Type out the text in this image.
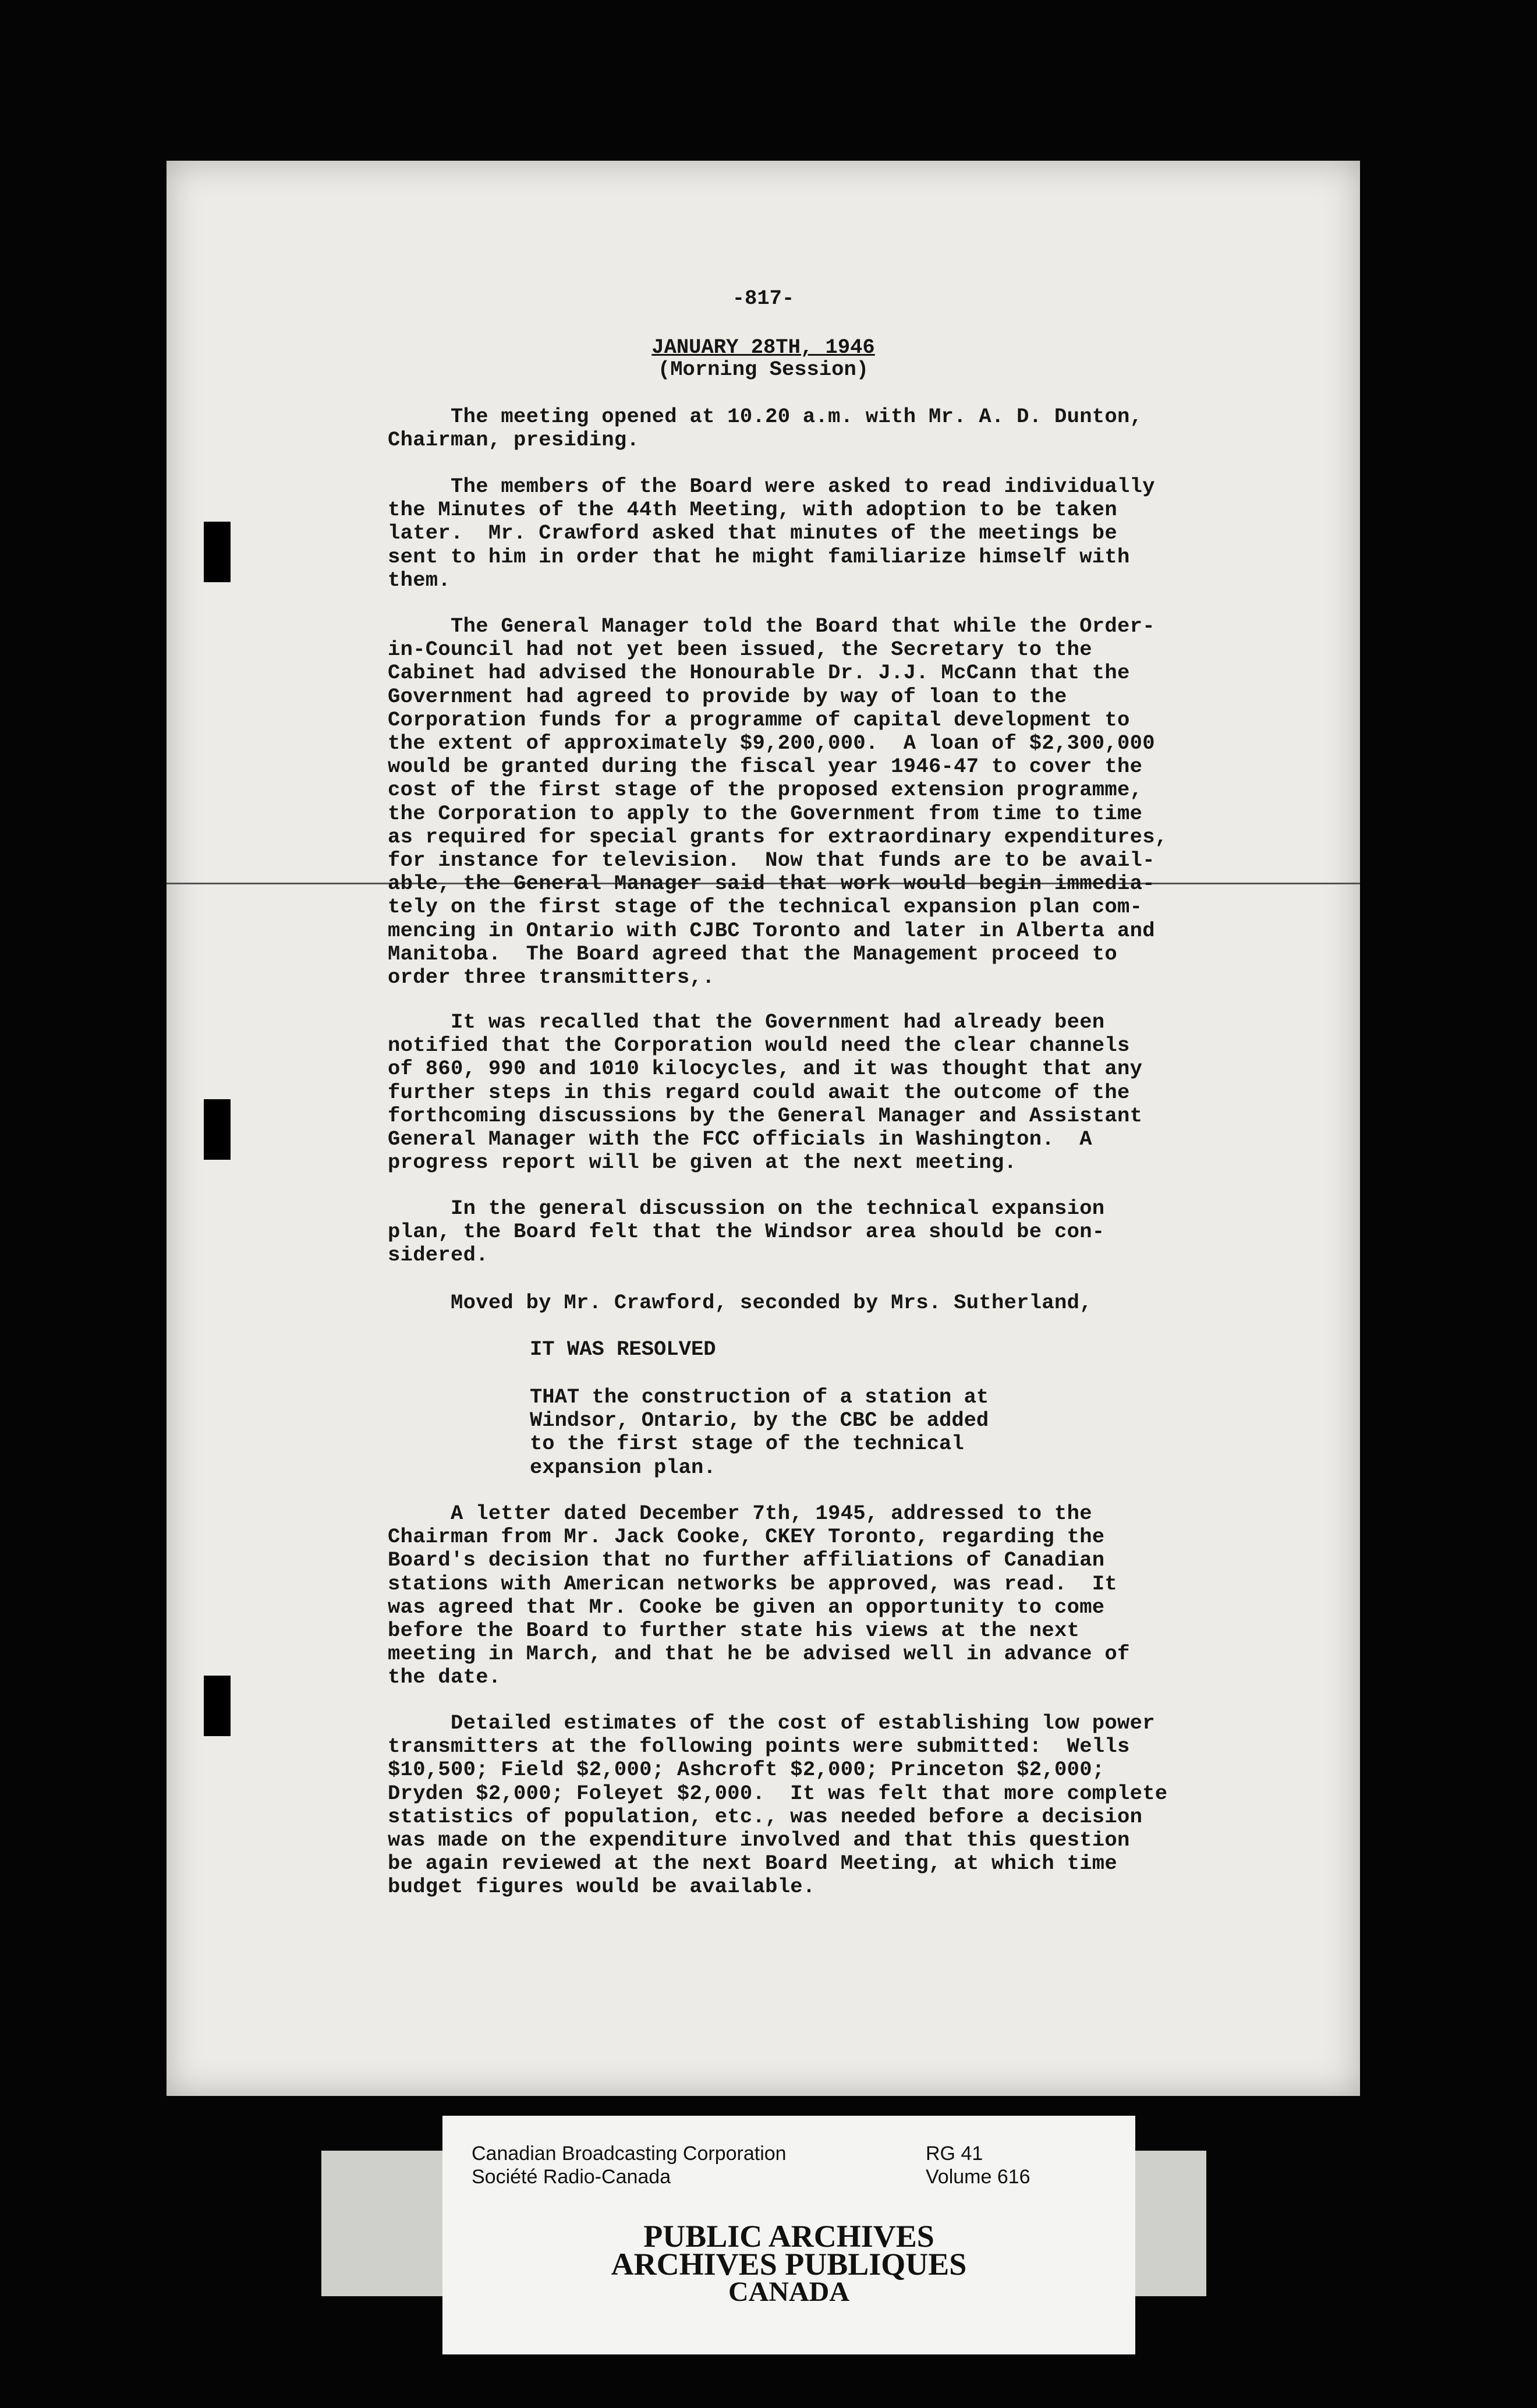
-817-
JANUARY 28TH, 1946
(Morning Session)
The meeting opened at 10.20 a.m. with Mr. A. D. Dunton,
Chairman, presiding.
The members of the Board were asked to read individually
the Minutes of the 44th Meeting, with adoption to be taken
later.  Mr. Crawford asked that minutes of the meetings be
sent to him in order that he might familiarize himself with
them.
The General Manager told the Board that while the Order-
in-Council had not yet been issued, the Secretary to the
Cabinet had advised the Honourable Dr. J.J. McCann that the
Government had agreed to provide by way of loan to the
Corporation funds for a programme of capital development to
the extent of approximately $9,200,000.  A loan of $2,300,000
would be granted during the fiscal year 1946-47 to cover the
cost of the first stage of the proposed extension programme,
the Corporation to apply to the Government from time to time
as required for special grants for extraordinary expenditures,
for instance for television.  Now that funds are to be avail-
able, the General Manager said that work would begin immedia-
tely on the first stage of the technical expansion plan com-
mencing in Ontario with CJBC Toronto and later in Alberta and
Manitoba.  The Board agreed that the Management proceed to
order three transmitters,.
It was recalled that the Government had already been
notified that the Corporation would need the clear channels
of 860, 990 and 1010 kilocycles, and it was thought that any
further steps in this regard could await the outcome of the
forthcoming discussions by the General Manager and Assistant
General Manager with the FCC officials in Washington.  A
progress report will be given at the next meeting.
In the general discussion on the technical expansion
plan, the Board felt that the Windsor area should be con-
sidered.
Moved by Mr. Crawford, seconded by Mrs. Sutherland,
IT WAS RESOLVED
THAT the construction of a station at
Windsor, Ontario, by the CBC be added
to the first stage of the technical
expansion plan.
A letter dated December 7th, 1945, addressed to the
Chairman from Mr. Jack Cooke, CKEY Toronto, regarding the
Board's decision that no further affiliations of Canadian
stations with American networks be approved, was read.  It
was agreed that Mr. Cooke be given an opportunity to come
before the Board to further state his views at the next
meeting in March, and that he be advised well in advance of
the date.
Detailed estimates of the cost of establishing low power
transmitters at the following points were submitted:  Wells
$10,500; Field $2,000; Ashcroft $2,000; Princeton $2,000;
Dryden $2,000; Foleyet $2,000.  It was felt that more complete
statistics of population, etc., was needed before a decision
was made on the expenditure involved and that this question
be again reviewed at the next Board Meeting, at which time
budget figures would be available.
Canadian Broadcasting Corporation
Société Radio-Canada
RG 41
Volume 616
PUBLIC ARCHIVES
ARCHIVES PUBLIQUES
CANADA
